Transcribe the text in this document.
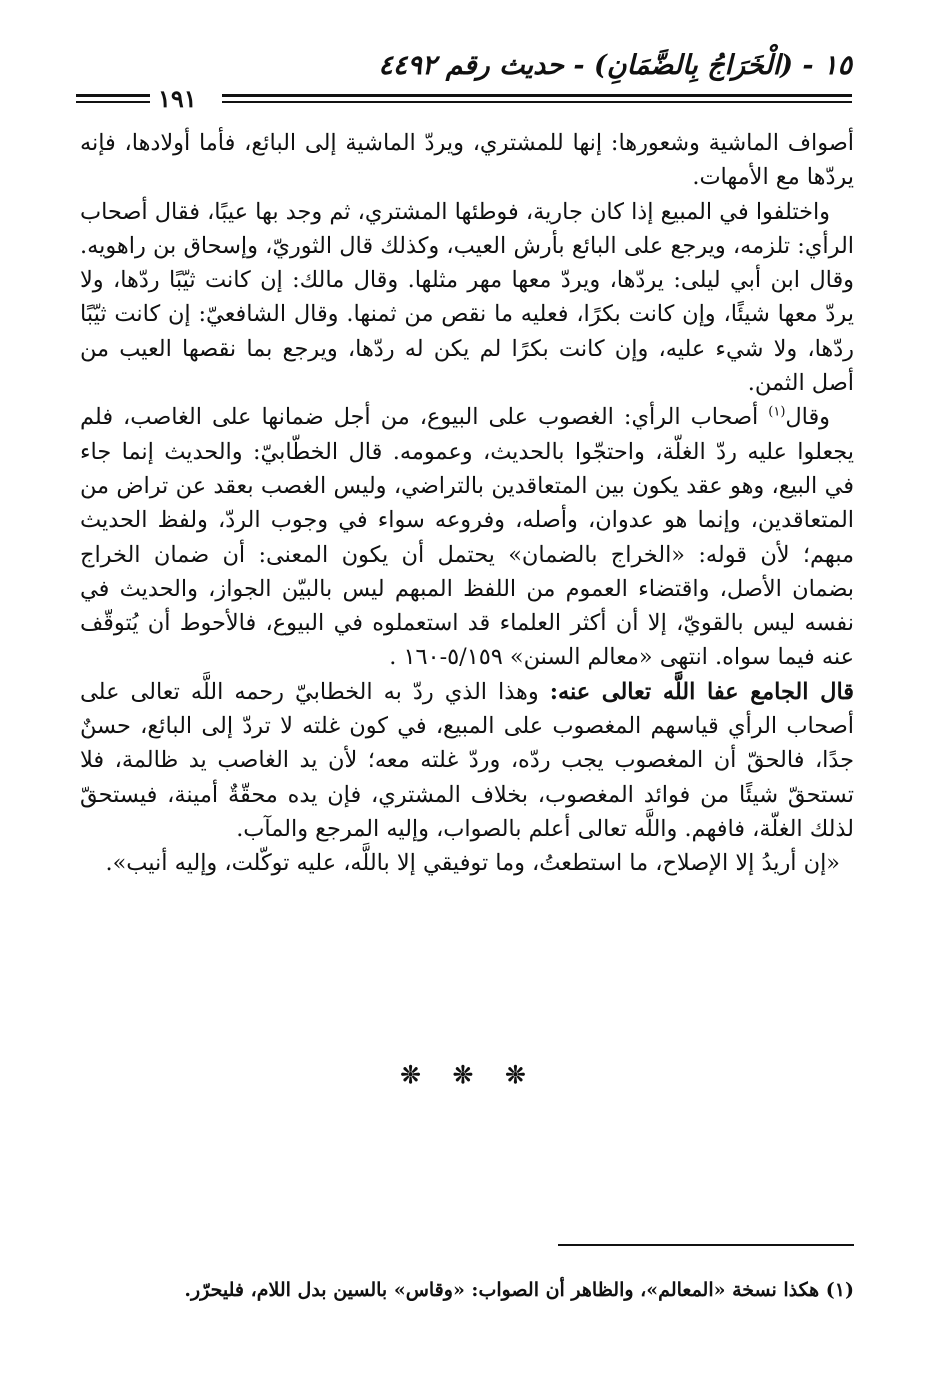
١٥ - (الْخَرَاجُ بِالضَّمَانِ) - حديث رقم ٤٤٩٢
١٩١

أصواف الماشية وشعورها: إنها للمشتري، ويردّ الماشية إلى البائع، فأما أولادها، فإنه يردّها مع الأمهات.

واختلفوا في المبيع إذا كان جارية، فوطئها المشتري، ثم وجد بها عيبًا، فقال أصحاب الرأي: تلزمه، ويرجع على البائع بأرش العيب، وكذلك قال الثوريّ، وإسحاق بن راهويه. وقال ابن أبي ليلى: يردّها، ويردّ معها مهر مثلها. وقال مالك: إن كانت ثيّبًا ردّها، ولا يردّ معها شيئًا، وإن كانت بكرًا، فعليه ما نقص من ثمنها. وقال الشافعيّ: إن كانت ثيّبًا ردّها، ولا شيء عليه، وإن كانت بكرًا لم يكن له ردّها، ويرجع بما نقصها العيب من أصل الثمن.

وقال$^{(١)}$ أصحاب الرأي: الغصوب على البيوع، من أجل ضمانها على الغاصب، فلم يجعلوا عليه ردّ الغلّة، واحتجّوا بالحديث، وعمومه. قال الخطّابيّ: والحديث إنما جاء في البيع، وهو عقد يكون بين المتعاقدين بالتراضي، وليس الغصب بعقد عن تراض من المتعاقدين، وإنما هو عدوان، وأصله، وفروعه سواء في وجوب الردّ، ولفظ الحديث مبهم؛ لأن قوله: «الخراج بالضمان» يحتمل أن يكون المعنى: أن ضمان الخراج بضمان الأصل، واقتضاء العموم من اللفظ المبهم ليس بالبيّن الجواز، والحديث في نفسه ليس بالقويّ، إلا أن أكثر العلماء قد استعملوه في البيوع، فالأحوط أن يُتوقّف عنه فيما سواه. انتهى «معالم السنن» ٥/١٥٩-١٦٠ .

قال الجامع عفا اللَّه تعالى عنه: وهذا الذي ردّ به الخطابيّ رحمه اللَّه تعالى على أصحاب الرأي قياسهم المغصوب على المبيع، في كون غلته لا تردّ إلى البائع، حسنٌ جدًا، فالحقّ أن المغصوب يجب ردّه، وردّ غلته معه؛ لأن يد الغاصب يد ظالمة، فلا تستحقّ شيئًا من فوائد المغصوب، بخلاف المشتري، فإن يده محقّةٌ أمينة، فيستحقّ لذلك الغلّة، فافهم. واللَّه تعالى أعلم بالصواب، وإليه المرجع والمآب.

«إن أريدُ إلا الإصلاح، ما استطعتُ، وما توفيقي إلا باللَّه، عليه توكّلت، وإليه أنيب».

❊ ❊ ❊
(١) هكذا نسخة «المعالم»، والظاهر أن الصواب: «وقاس» بالسين بدل اللام، فليحرّر.
